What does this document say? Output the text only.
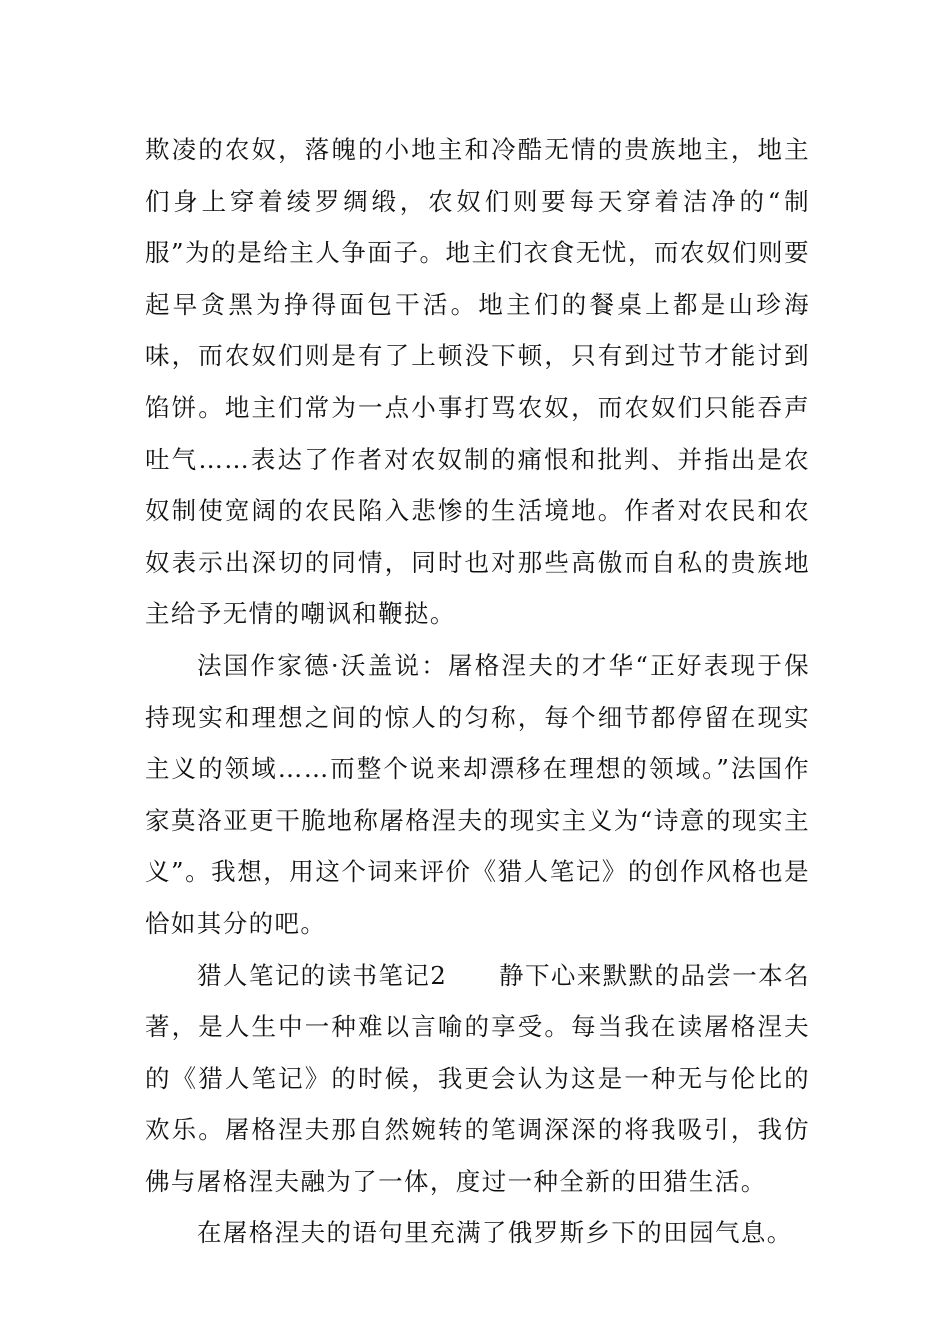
欺凌的农奴，落魄的小地主和冷酷无情的贵族地主，地主们身上穿着绫罗绸缎，农奴们则要每天穿着洁净的“制服”为的是给主人争面子。地主们衣食无忧，而农奴们则要起早贪黑为挣得面包干活。地主们的餐桌上都是山珍海味，而农奴们则是有了上顿没下顿，只有到过节才能讨到馅饼。地主们常为一点小事打骂农奴，而农奴们只能吞声吐气……表达了作者对农奴制的痛恨和批判、并指出是农奴制使宽阔的农民陷入悲惨的生活境地。作者对农民和农奴表示出深切的同情，同时也对那些高傲而自私的贵族地主给予无情的嘲讽和鞭挞。

法国作家德·沃盖说：屠格涅夫的才华“正好表现于保持现实和理想之间的惊人的匀称，每个细节都停留在现实主义的领域……而整个说来却漂移在理想的领域。”法国作家莫洛亚更干脆地称屠格涅夫的现实主义为“诗意的现实主义”。我想，用这个词来评价《猎人笔记》的创作风格也是恰如其分的吧。

猎人笔记的读书笔记2　　静下心来默默的品尝一本名著，是人生中一种难以言喻的享受。每当我在读屠格涅夫的《猎人笔记》的时候，我更会认为这是一种无与伦比的欢乐。屠格涅夫那自然婉转的笔调深深的将我吸引，我仿佛与屠格涅夫融为了一体，度过一种全新的田猎生活。

在屠格涅夫的语句里充满了俄罗斯乡下的田园气息。
